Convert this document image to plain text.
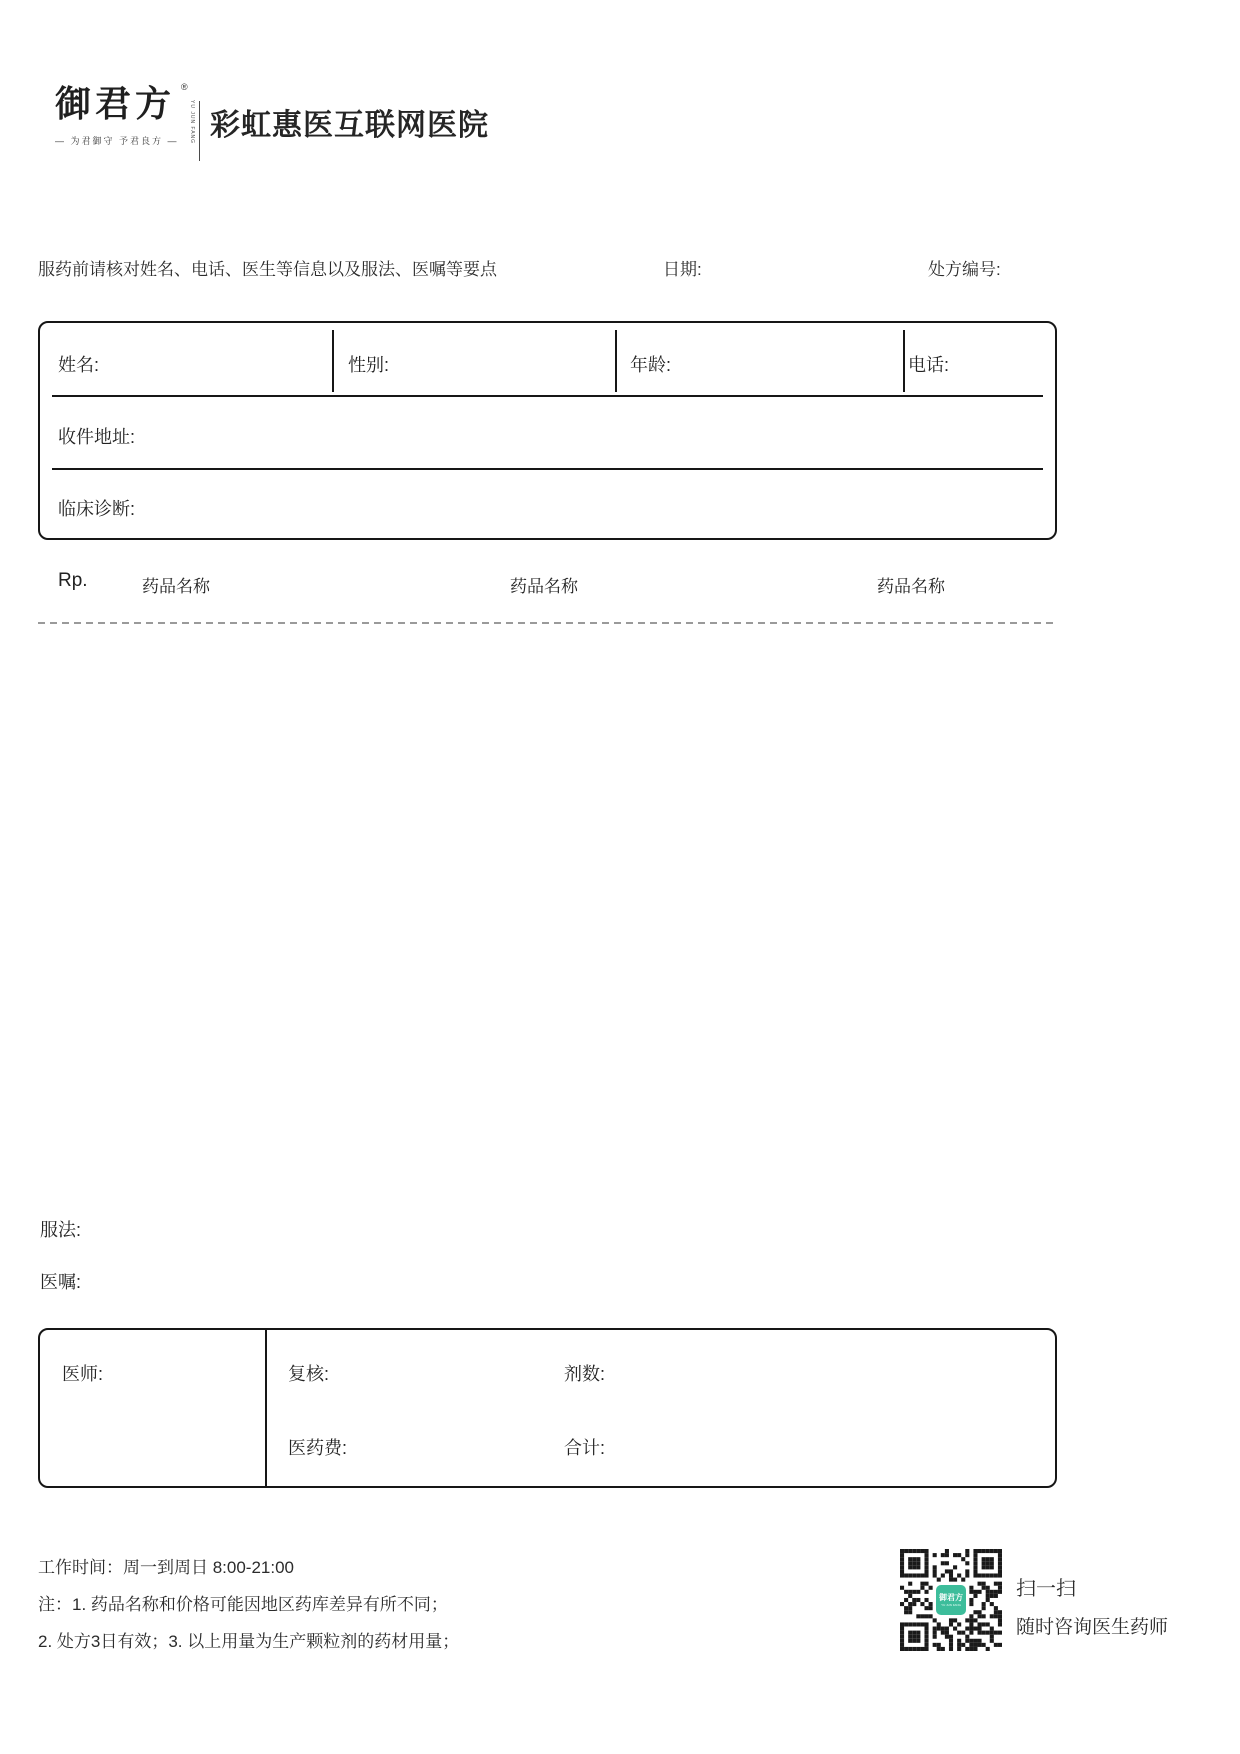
御君方 ®
YU JUN FANG
— 为君御守 予君良方 —	彩虹惠医互联网医院
服药前请核对姓名、电话、医生等信息以及服法、医嘱等要点	日期:	处方编号:
姓名:	性别:	年龄:	电话:
收件地址:
临床诊断:
Rp.	药品名称	药品名称	药品名称
服法:
医嘱:
医师:	复核:	剂数:
医药费:	合计:
工作时间：周一到周日 8:00-21:00
注：1. 药品名称和价格可能因地区药库差异有所不同；
2. 处方3日有效；3. 以上用量为生产颗粒剂的药材用量；
御君方
YU JUN FANG
扫一扫
随时咨询医生药师
